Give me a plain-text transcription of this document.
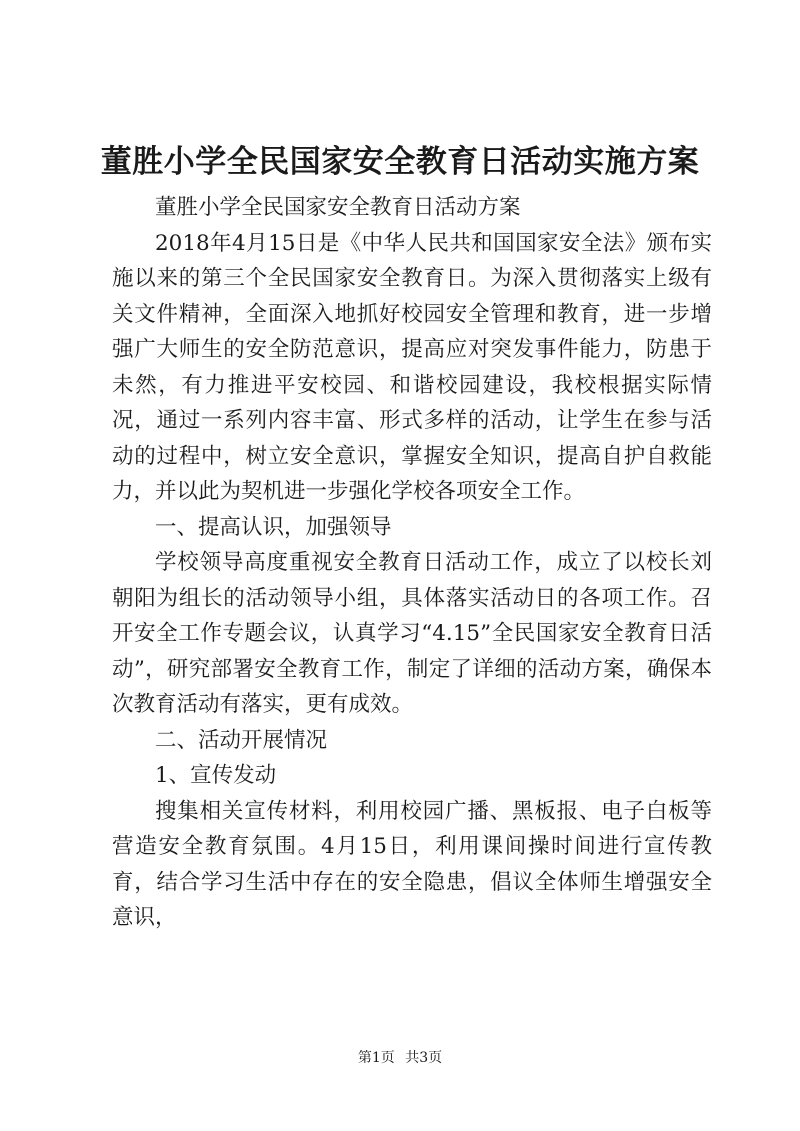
董胜小学全民国家安全教育日活动实施方案

董胜小学全民国家安全教育日活动方案

2018年4月15日是《中华人民共和国国家安全法》颁布实施以来的第三个全民国家安全教育日。为深入贯彻落实上级有关文件精神，全面深入地抓好校园安全管理和教育，进一步增强广大师生的安全防范意识，提高应对突发事件能力，防患于未然，有力推进平安校园、和谐校园建设，我校根据实际情况，通过一系列内容丰富、形式多样的活动，让学生在参与活动的过程中，树立安全意识，掌握安全知识，提高自护自救能力，并以此为契机进一步强化学校各项安全工作。

一、提高认识，加强领导

学校领导高度重视安全教育日活动工作，成立了以校长刘朝阳为组长的活动领导小组，具体落实活动日的各项工作。召开安全工作专题会议，认真学习“4.15”全民国家安全教育日活动”，研究部署安全教育工作，制定了详细的活动方案，确保本次教育活动有落实，更有成效。

二、活动开展情况

1、宣传发动

搜集相关宣传材料，利用校园广播、黑板报、电子白板等营造安全教育氛围。4月15日，利用课间操时间进行宣传教育，结合学习生活中存在的安全隐患，倡议全体师生增强安全意识，

第1页 共3页
